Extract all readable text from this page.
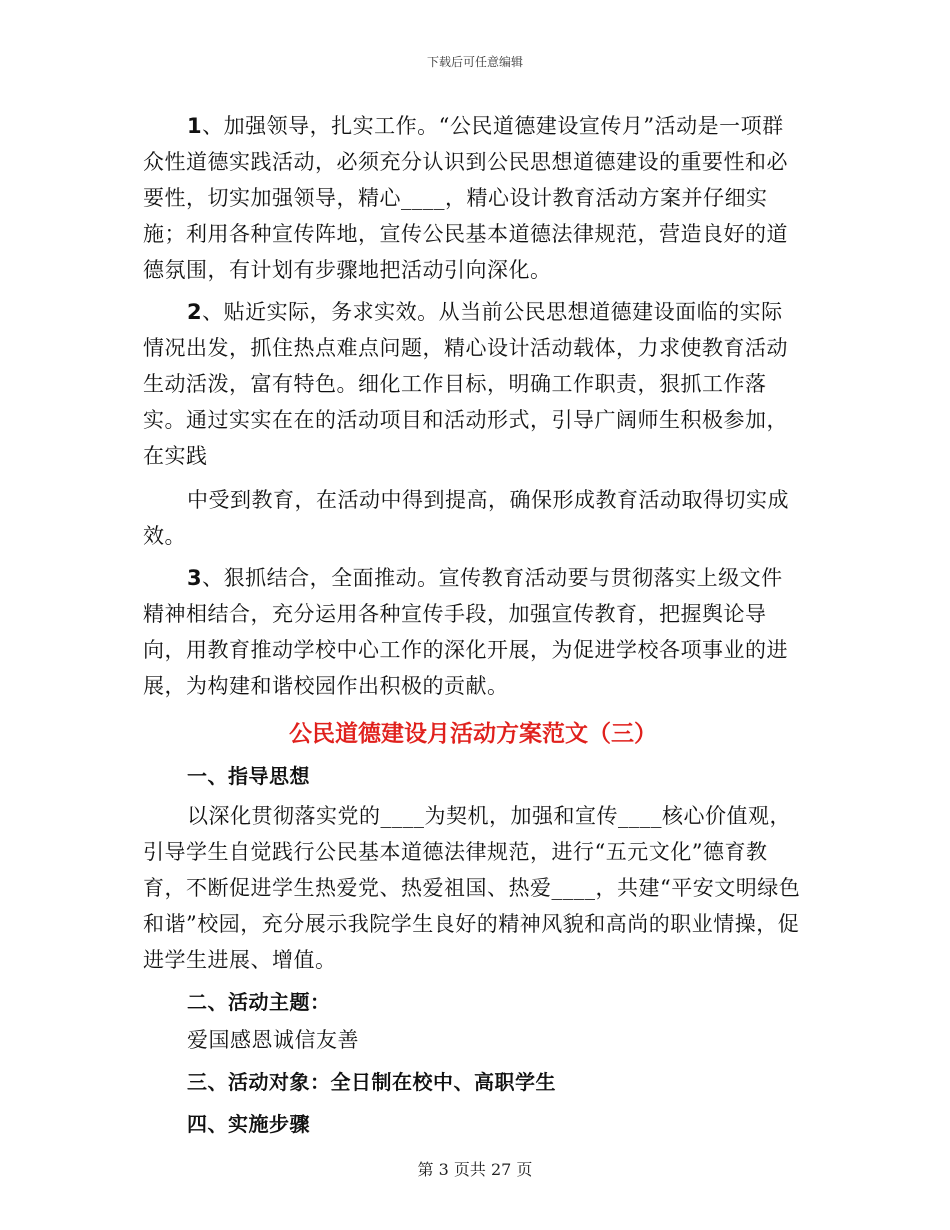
下载后可任意编辑

1、加强领导，扎实工作。“公民道德建设宣传月”活动是一项群众性道德实践活动，必须充分认识到公民思想道德建设的重要性和必要性，切实加强领导，精心____，精心设计教育活动方案并仔细实施；利用各种宣传阵地，宣传公民基本道德法律规范，营造良好的道德氛围，有计划有步骤地把活动引向深化。

2、贴近实际，务求实效。从当前公民思想道德建设面临的实际情况出发，抓住热点难点问题，精心设计活动载体，力求使教育活动生动活泼，富有特色。细化工作目标，明确工作职责，狠抓工作落实。通过实实在在的活动项目和活动形式，引导广阔师生积极参加，在实践

中受到教育，在活动中得到提高，确保形成教育活动取得切实成效。

3、狠抓结合，全面推动。宣传教育活动要与贯彻落实上级文件精神相结合，充分运用各种宣传手段，加强宣传教育，把握舆论导向，用教育推动学校中心工作的深化开展，为促进学校各项事业的进展，为构建和谐校园作出积极的贡献。

公民道德建设月活动方案范文（三）

一、指导思想

以深化贯彻落实党的____为契机，加强和宣传____核心价值观，引导学生自觉践行公民基本道德法律规范，进行“五元文化”德育教育，不断促进学生热爱党、热爱祖国、热爱____，共建“平安文明绿色和谐”校园，充分展示我院学生良好的精神风貌和高尚的职业情操，促进学生进展、增值。

二、活动主题：

爱国感恩诚信友善

三、活动对象：全日制在校中、高职学生

四、实施步骤

第 3 页共 27 页
